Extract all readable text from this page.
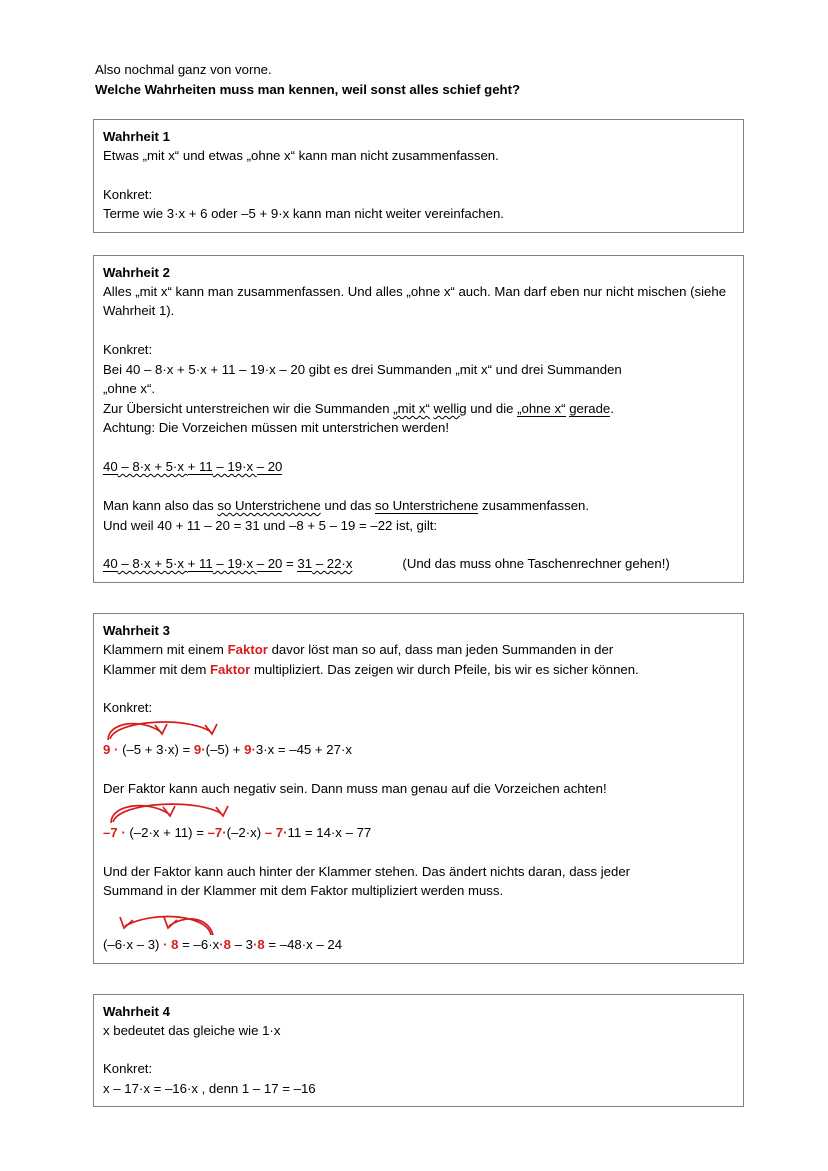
Also nochmal ganz von vorne.
Welche Wahrheiten muss man kennen, weil sonst alles schief geht?
Wahrheit 1
Etwas „mit x“ und etwas „ohne x“ kann man nicht zusammenfassen.
Konkret:
Terme wie 3·x + 6 oder –5 + 9·x kann man nicht weiter vereinfachen.
Wahrheit 2
Alles „mit x“ kann man zusammenfassen. Und alles „ohne x“ auch. Man darf eben nur nicht mischen (siehe Wahrheit 1).
Konkret:
Bei 40 – 8·x + 5·x + 11 – 19·x – 20 gibt es drei Summanden „mit x“ und drei Summanden
„ohne x“.
Zur Übersicht unterstreichen wir die Summanden „mit x“ wellig und die „ohne x“ gerade.
Achtung: Die Vorzeichen müssen mit unterstrichen werden!
40 – 8·x + 5·x + 11 – 19·x – 20
Man kann also das so Unterstrichene und das so Unterstrichene zusammenfassen.
Und weil 40 + 11 – 20 = 31 und –8 + 5 – 19 = –22 ist, gilt:
40 – 8·x + 5·x + 11 – 19·x – 20 = 31 – 22·x	(Und das muss ohne Taschenrechner gehen!)
Wahrheit 3
Klammern mit einem Faktor davor löst man so auf, dass man jeden Summanden in der
Klammer mit dem Faktor multipliziert. Das zeigen wir durch Pfeile, bis wir es sicher können.
Konkret:
9 · (–5 + 3·x) = 9·(–5) + 9·3·x = –45 + 27·x
Der Faktor kann auch negativ sein. Dann muss man genau auf die Vorzeichen achten!
–7 · (–2·x + 11) = –7·(–2·x) – 7·11 = 14·x – 77
Und der Faktor kann auch hinter der Klammer stehen. Das ändert nichts daran, dass jeder
Summand in der Klammer mit dem Faktor multipliziert werden muss.
(–6·x – 3) · 8 = –6·x·8 – 3·8 = –48·x – 24
Wahrheit 4
x bedeutet das gleiche wie 1·x
Konkret:
x – 17·x = –16·x , denn 1 – 17 = –16
